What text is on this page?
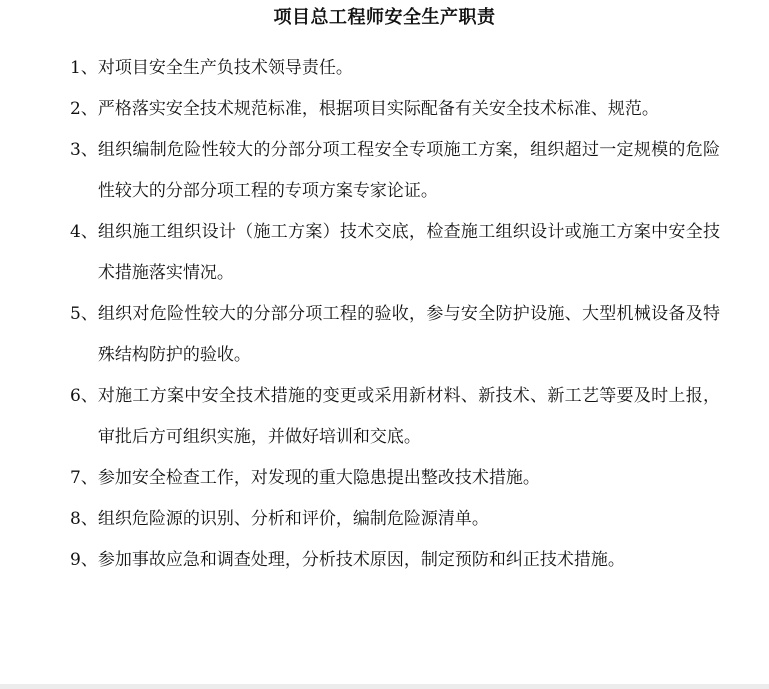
项目总工程师安全生产职责
1、 对项目安全生产负技术领导责任。
2、 严格落实安全技术规范标准，根据项目实际配备有关安全技术标准、规范。
3、 组织编制危险性较大的分部分项工程安全专项施工方案，组织超过一定规模的危险性较大的分部分项工程的专项方案专家论证。
4、 组织施工组织设计（施工方案）技术交底，检查施工组织设计或施工方案中安全技术措施落实情况。
5、 组织对危险性较大的分部分项工程的验收，参与安全防护设施、大型机械设备及特殊结构防护的验收。
6、 对施工方案中安全技术措施的变更或采用新材料、新技术、新工艺等要及时上报，审批后方可组织实施，并做好培训和交底。
7、 参加安全检查工作，对发现的重大隐患提出整改技术措施。
8、 组织危险源的识别、分析和评价，编制危险源清单。
9、 参加事故应急和调查处理，分析技术原因，制定预防和纠正技术措施。
